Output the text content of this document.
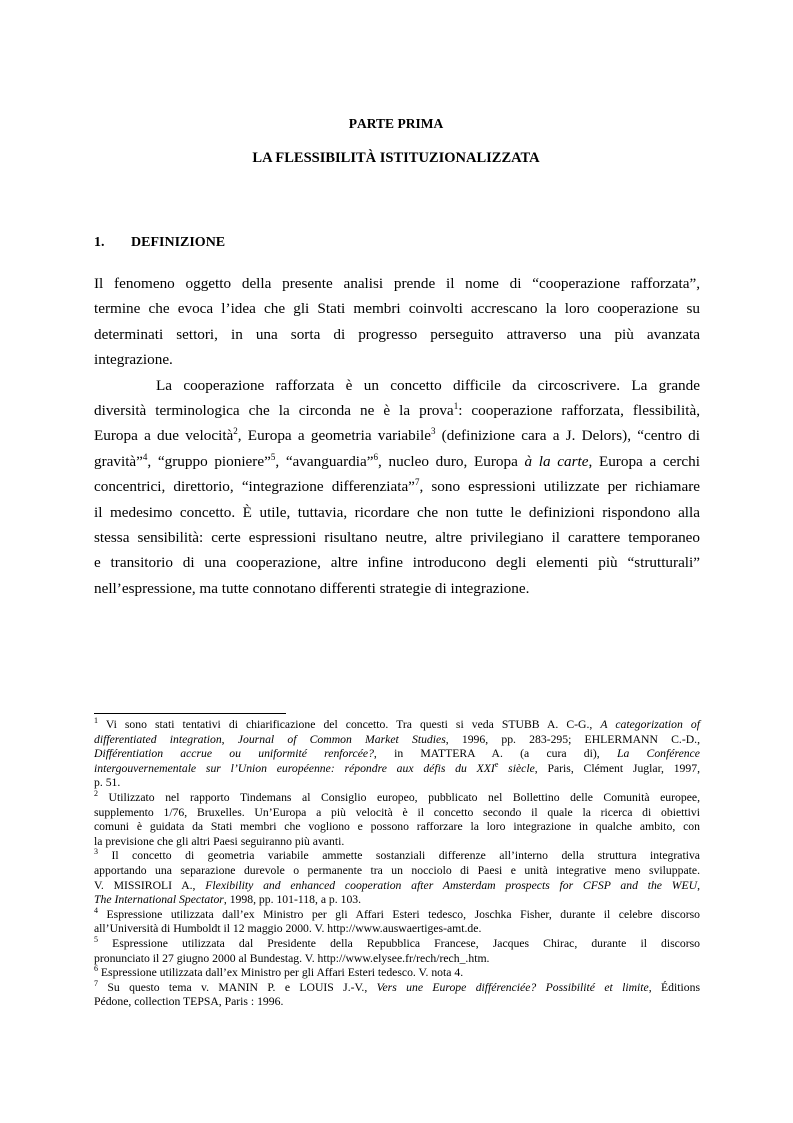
PARTE PRIMA
LA FLESSIBILITÀ ISTITUZIONALIZZATA
1. DEFINIZIONE
Il fenomeno oggetto della presente analisi prende il nome di “cooperazione rafforzata”,
termine che evoca l’idea che gli Stati membri coinvolti accrescano la loro cooperazione su
determinati settori, in una sorta di progresso perseguito attraverso una più avanzata
integrazione.
La cooperazione rafforzata è un concetto difficile da circoscrivere. La grande
diversità terminologica che la circonda ne è la prova$^1$: cooperazione rafforzata, flessibilità,
Europa a due velocità$^2$, Europa a geometria variabile$^3$ (definizione cara a J. Delors), “centro di
gravità”$^4$, “gruppo pioniere”$^5$, “avanguardia”$^6$, nucleo duro, Europa à la carte, Europa a cerchi
concentrici, direttorio, “integrazione differenziata”$^7$, sono espressioni utilizzate per richiamare
il medesimo concetto. È utile, tuttavia, ricordare che non tutte le definizioni rispondono alla
stessa sensibilità: certe espressioni risultano neutre, altre privilegiano il carattere temporaneo
e transitorio di una cooperazione, altre infine introducono degli elementi più “strutturali”
nell’espressione, ma tutte connotano differenti strategie di integrazione.
$^1$ Vi sono stati tentativi di chiarificazione del concetto. Tra questi si veda STUBB A. C-G., A categorization of
differentiated integration, Journal of Common Market Studies, 1996, pp. 283-295; EHLERMANN C.-D.,
Différentiation accrue ou uniformité renforcée?, in MATTERA A. (a cura di), La Conférence
intergouvernementale sur l’Union européenne: répondre aux défis du XXIe siècle, Paris, Clément Juglar, 1997,
p. 51.
$^2$ Utilizzato nel rapporto Tindemans al Consiglio europeo, pubblicato nel Bollettino delle Comunità europee,
supplemento 1/76, Bruxelles. Un’Europa a più velocità è il concetto secondo il quale la ricerca di obiettivi
comuni è guidata da Stati membri che vogliono e possono rafforzare la loro integrazione in qualche ambito, con
la previsione che gli altri Paesi seguiranno più avanti.
$^3$ Il concetto di geometria variabile ammette sostanziali differenze all’interno della struttura integrativa
apportando una separazione durevole o permanente tra un nocciolo di Paesi e unità integrative meno sviluppate.
V. MISSIROLI A., Flexibility and enhanced cooperation after Amsterdam prospects for CFSP and the WEU,
The International Spectator, 1998, pp. 101-118, a p. 103.
$^4$ Espressione utilizzata dall’ex Ministro per gli Affari Esteri tedesco, Joschka Fisher, durante il celebre discorso
all’Università di Humboldt il 12 maggio 2000. V. http://www.auswaertiges-amt.de.
$^5$ Espressione utilizzata dal Presidente della Repubblica Francese, Jacques Chirac, durante il discorso
pronunciato il 27 giugno 2000 al Bundestag. V. http://www.elysee.fr/rech/rech_.htm.
$^6$ Espressione utilizzata dall’ex Ministro per gli Affari Esteri tedesco. V. nota 4.
$^7$ Su questo tema v. MANIN P. e LOUIS J.-V., Vers une Europe différenciée? Possibilité et limite, Éditions
Pédone, collection TEPSA, Paris : 1996.
